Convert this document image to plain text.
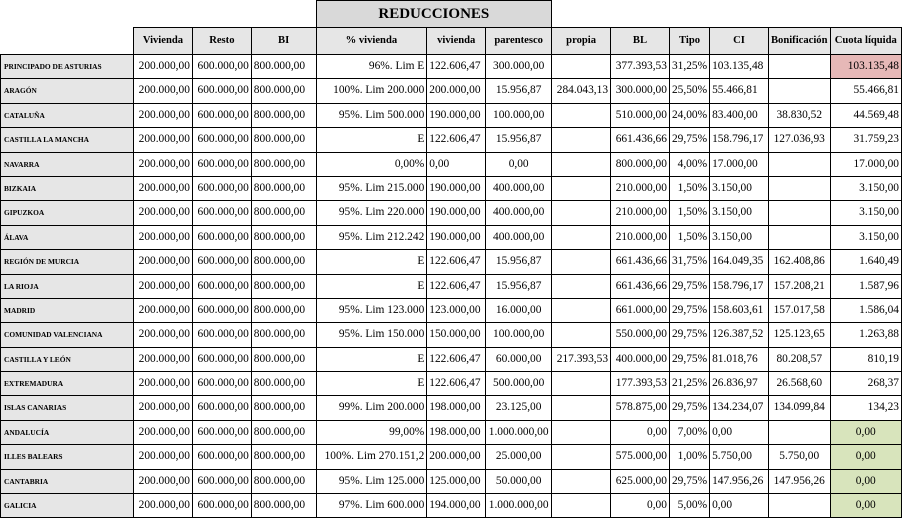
				REDUCCIONES								
	Vivienda	Resto	BI	% vivienda	vivienda	parentesco	propia	BL	Tipo	CI	Bonificación	Cuota líquida
PRINCIPADO DE ASTURIAS	200.000,00	600.000,00	800.000,00	96%. Lim E	122.606,47	300.000,00		377.393,53	31,25%	103.135,48		103.135,48
ARAGÓN	200.000,00	600.000,00	800.000,00	100%. Lim 200.000	200.000,00	15.956,87	284.043,13	300.000,00	25,50%	55.466,81		55.466,81
CATALUÑA	200.000,00	600.000,00	800.000,00	95%. Lim 500.000	190.000,00	100.000,00		510.000,00	24,00%	83.400,00	38.830,52	44.569,48
CASTILLA LA MANCHA	200.000,00	600.000,00	800.000,00	E	122.606,47	15.956,87		661.436,66	29,75%	158.796,17	127.036,93	31.759,23
NAVARRA	200.000,00	600.000,00	800.000,00	0,00%	0,00	0,00		800.000,00	4,00%	17.000,00		17.000,00
BIZKAIA	200.000,00	600.000,00	800.000,00	95%. Lim 215.000	190.000,00	400.000,00		210.000,00	1,50%	3.150,00		3.150,00
GIPUZKOA	200.000,00	600.000,00	800.000,00	95%. Lim 220.000	190.000,00	400.000,00		210.000,00	1,50%	3.150,00		3.150,00
ÁLAVA	200.000,00	600.000,00	800.000,00	95%. Lim 212.242	190.000,00	400.000,00		210.000,00	1,50%	3.150,00		3.150,00
REGIÓN DE MURCIA	200.000,00	600.000,00	800.000,00	E	122.606,47	15.956,87		661.436,66	31,75%	164.049,35	162.408,86	1.640,49
LA RIOJA	200.000,00	600.000,00	800.000,00	E	122.606,47	15.956,87		661.436,66	29,75%	158.796,17	157.208,21	1.587,96
MADRID	200.000,00	600.000,00	800.000,00	95%. Lim 123.000	123.000,00	16.000,00		661.000,00	29,75%	158.603,61	157.017,58	1.586,04
COMUNIDAD VALENCIANA	200.000,00	600.000,00	800.000,00	95%. Lim 150.000	150.000,00	100.000,00		550.000,00	29,75%	126.387,52	125.123,65	1.263,88
CASTILLA Y LEÓN	200.000,00	600.000,00	800.000,00	E	122.606,47	60.000,00	217.393,53	400.000,00	29,75%	81.018,76	80.208,57	810,19
EXTREMADURA	200.000,00	600.000,00	800.000,00	E	122.606,47	500.000,00		177.393,53	21,25%	26.836,97	26.568,60	268,37
ISLAS CANARIAS	200.000,00	600.000,00	800.000,00	99%. Lim 200.000	198.000,00	23.125,00		578.875,00	29,75%	134.234,07	134.099,84	134,23
ANDALUCÍA	200.000,00	600.000,00	800.000,00	99,00%	198.000,00	1.000.000,00		0,00	7,00%	0,00		0,00
ILLES BALEARS	200.000,00	600.000,00	800.000,00	100%. Lim 270.151,2	200.000,00	25.000,00		575.000,00	1,00%	5.750,00	5.750,00	0,00
CANTABRIA	200.000,00	600.000,00	800.000,00	95%. Lim 125.000	125.000,00	50.000,00		625.000,00	29,75%	147.956,26	147.956,26	0,00
GALICIA	200.000,00	600.000,00	800.000,00	97%. Lim 600.000	194.000,00	1.000.000,00		0,00	5,00%	0,00		0,00
